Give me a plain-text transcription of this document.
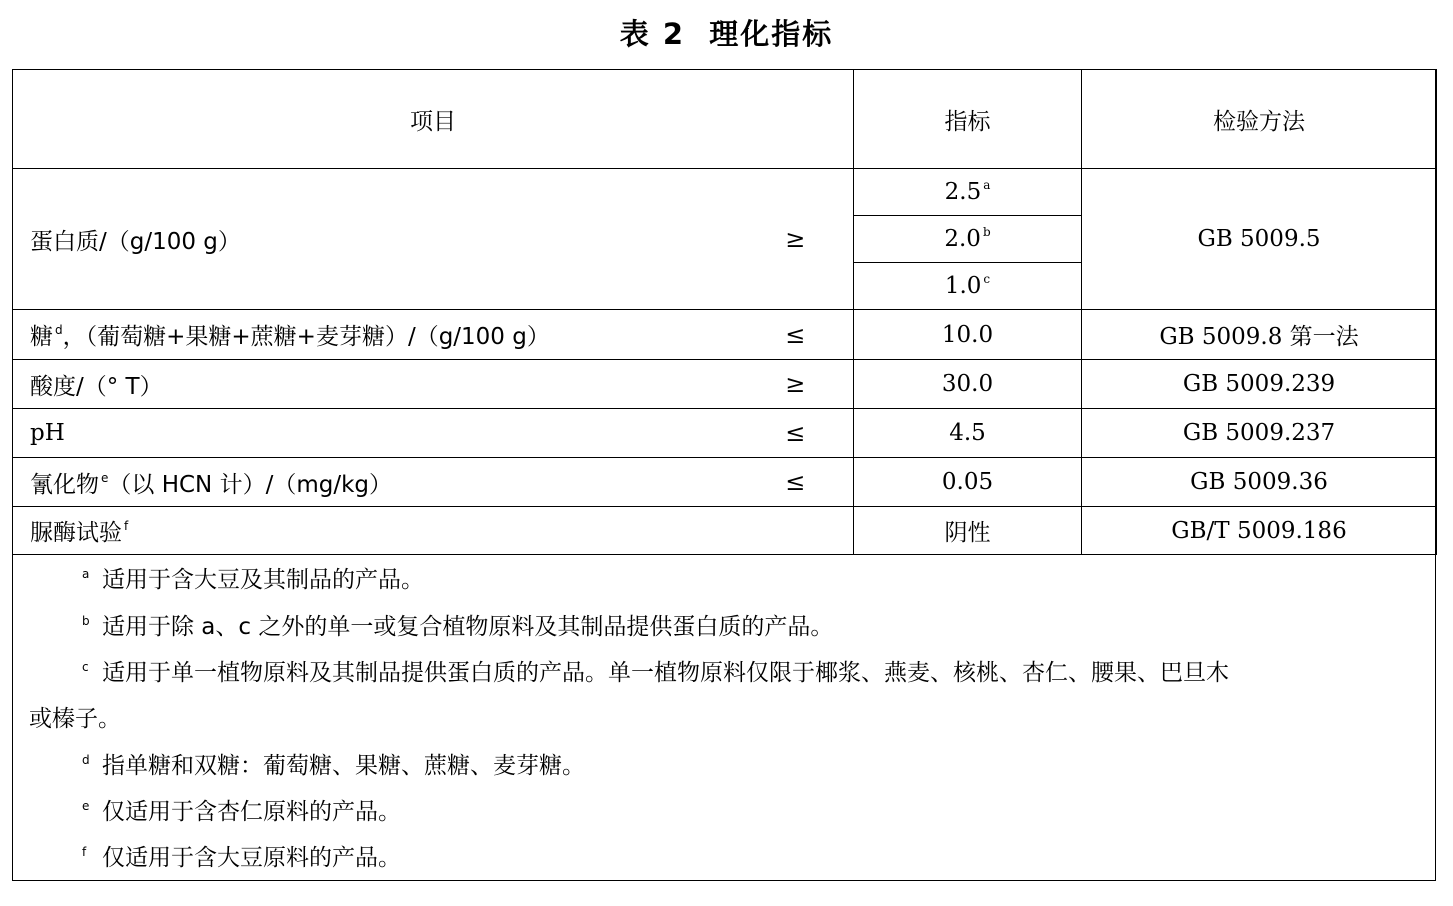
表 2  理化指标
项目		指标	检验方法
蛋白质/（g/100 g）	≥	2.5 $^a$	GB 5009.5
		2.0 $^b$
		1.0 $^c$
糖 $^d$，（葡萄糖+果糖+蔗糖+麦芽糖）/（g/100 g）	≤	10.0	GB 5009.8 第一法
酸度/（° T）	≥	30.0	GB 5009.239
pH	≤	4.5	GB 5009.237
氰化物 $^e$（以 HCN 计）/（mg/kg）	≤	0.05	GB 5009.36
脲酶试验 $^f$		阴性	GB/T 5009.186
a 适用于含大豆及其制品的产品。
b 适用于除 a、c 之外的单一或复合植物原料及其制品提供蛋白质的产品。
c 适用于单一植物原料及其制品提供蛋白质的产品。单一植物原料仅限于椰浆、燕麦、核桃、杏仁、腰果、巴旦木
或榛子。
d 指单糖和双糖：葡萄糖、果糖、蔗糖、麦芽糖。
e 仅适用于含杏仁原料的产品。
f 仅适用于含大豆原料的产品。
